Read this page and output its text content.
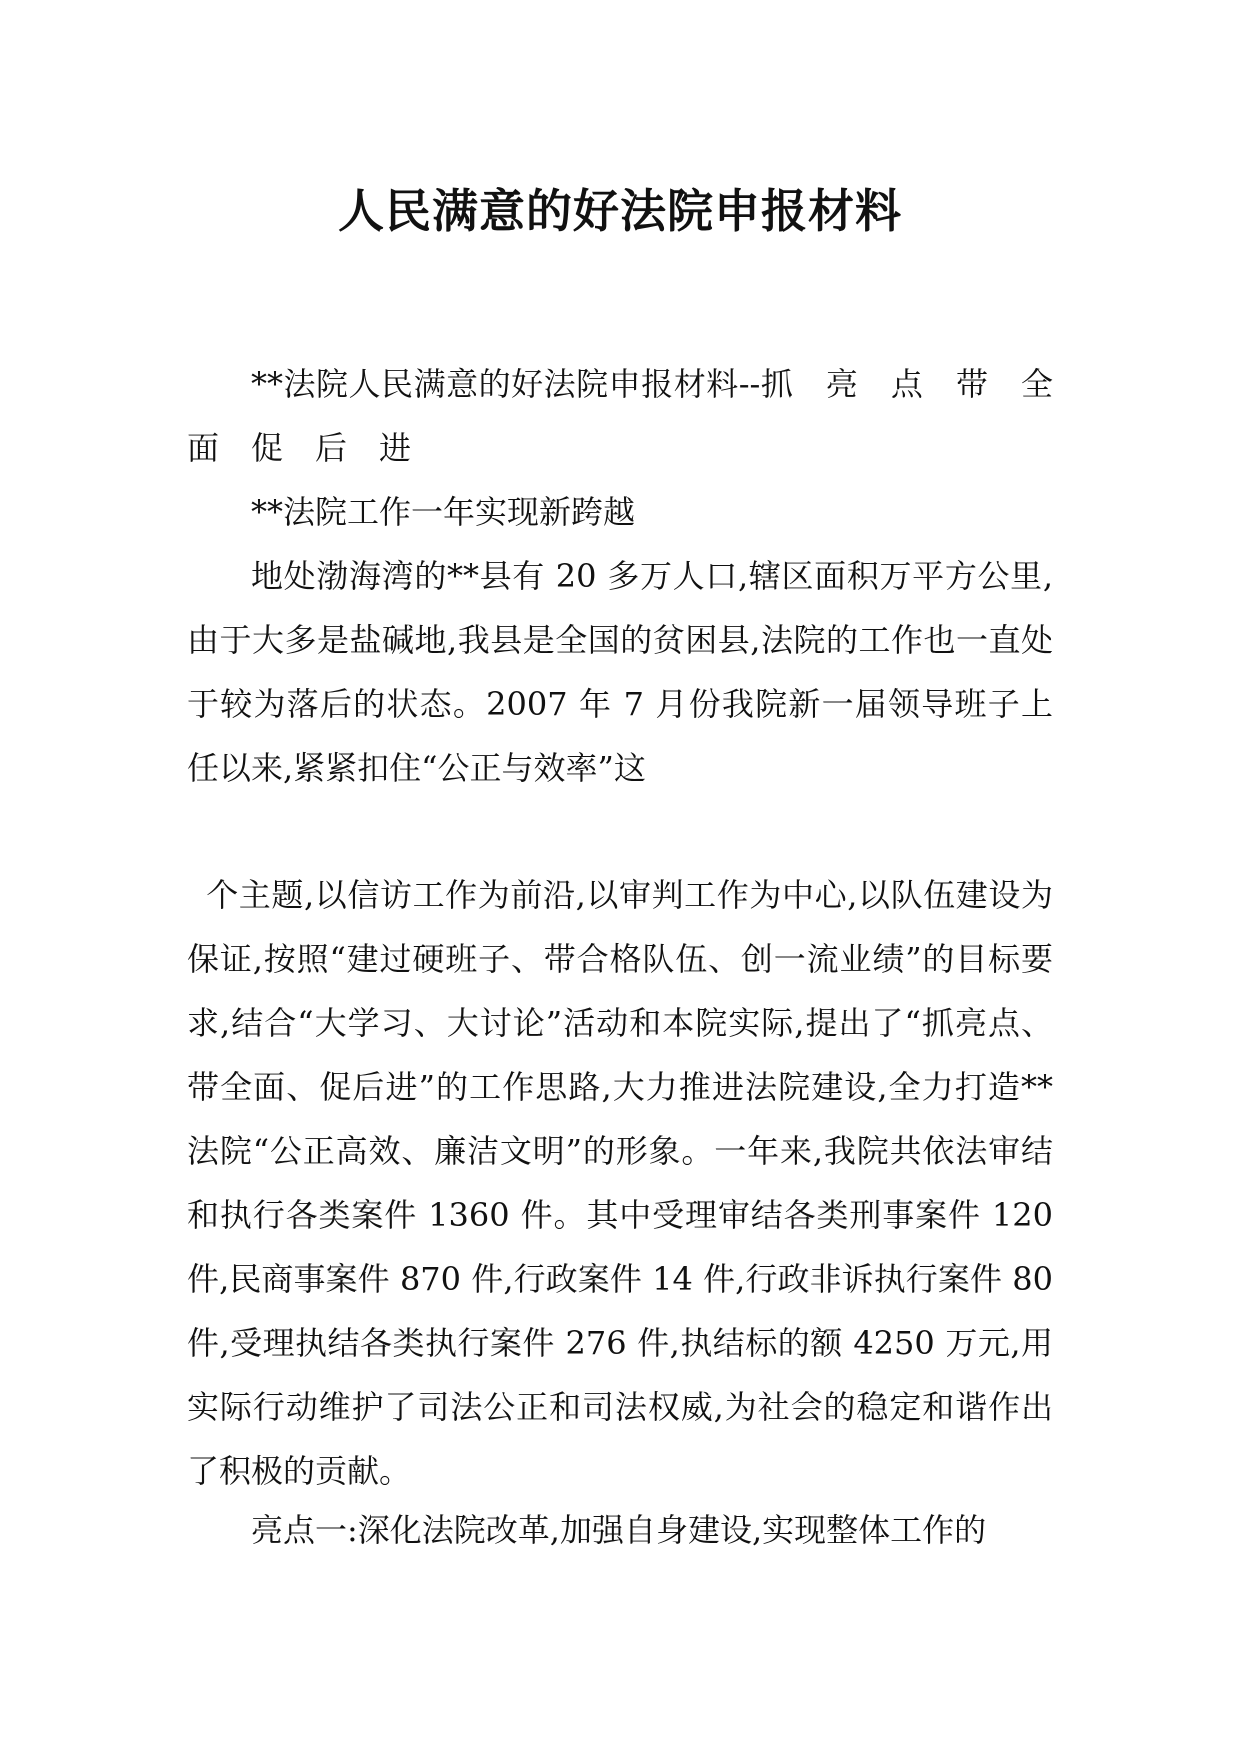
人民满意的好法院申报材料

**法院人民满意的好法院申报材料--抓　亮　点　带　全　面　促　后　进

**法院工作一年实现新跨越

地处渤海湾的**县有 20 多万人口,辖区面积万平方公里,由于大多是盐碱地,我县是全国的贫困县,法院的工作也一直处于较为落后的状态。2007 年 7 月份我院新一届领导班子上任以来,紧紧扣住“公正与效率”这

个主题,以信访工作为前沿,以审判工作为中心,以队伍建设为保证,按照“建过硬班子、带合格队伍、创一流业绩”的目标要求,结合“大学习、大讨论”活动和本院实际,提出了“抓亮点、带全面、促后进”的工作思路,大力推进法院建设,全力打造**法院“公正高效、廉洁文明”的形象。一年来,我院共依法审结和执行各类案件 1360 件。其中受理审结各类刑事案件 120 件,民商事案件 870 件,行政案件 14 件,行政非诉执行案件 80 件,受理执结各类执行案件 276 件,执结标的额 4250 万元,用实际行动维护了司法公正和司法权威,为社会的稳定和谐作出了积极的贡献。

亮点一:深化法院改革,加强自身建设,实现整体工作的
